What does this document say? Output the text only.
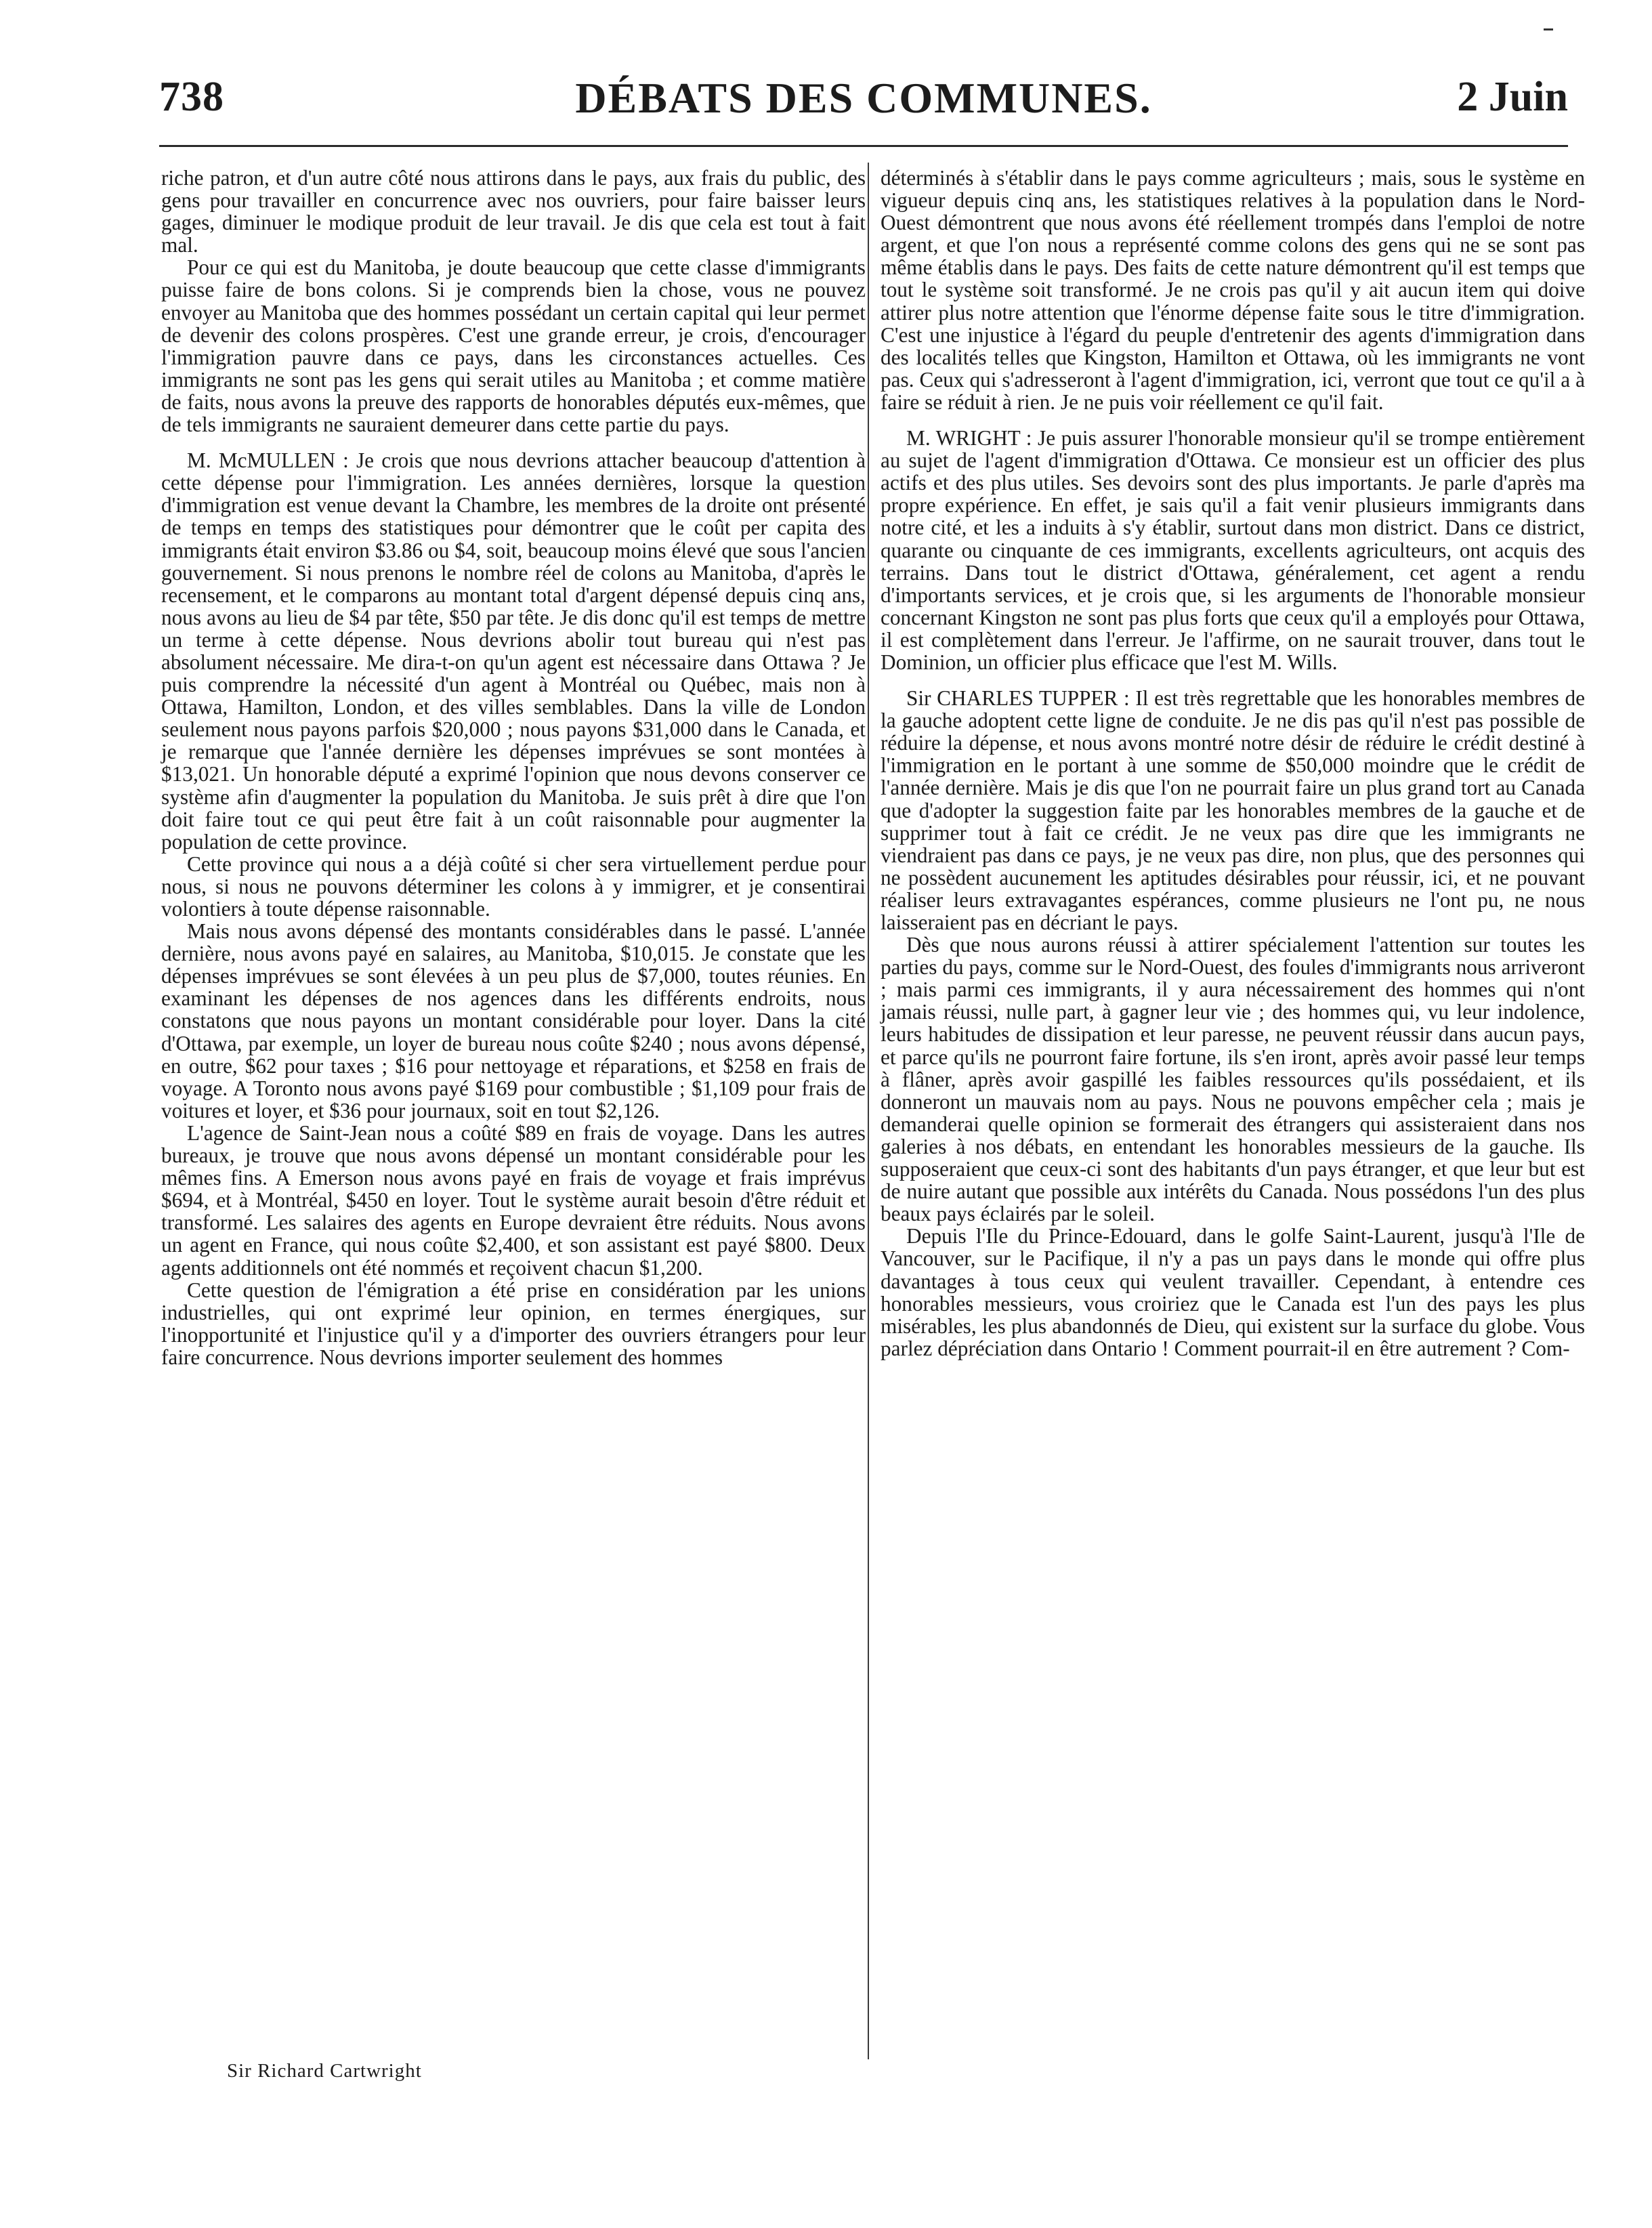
738	DÉBATS DES COMMUNES.	2 Juin

riche patron, et d'un autre côté nous attirons dans le pays, aux frais du public, des gens pour travailler en concurrence avec nos ouvriers, pour faire baisser leurs gages, diminuer le modique produit de leur travail. Je dis que cela est tout à fait mal.

Pour ce qui est du Manitoba, je doute beaucoup que cette classe d'immigrants puisse faire de bons colons. Si je comprends bien la chose, vous ne pouvez envoyer au Manitoba que des hommes possédant un certain capital qui leur permet de devenir des colons prospères. C'est une grande erreur, je crois, d'encourager l'immigration pauvre dans ce pays, dans les circonstances actuelles. Ces immigrants ne sont pas les gens qui serait utiles au Manitoba ; et comme matière de faits, nous avons la preuve des rapports de honorables députés eux-mêmes, que de tels immigrants ne sauraient demeurer dans cette partie du pays.

M. McMULLEN : Je crois que nous devrions attacher beaucoup d'attention à cette dépense pour l'immigration. Les années dernières, lorsque la question d'immigration est venue devant la Chambre, les membres de la droite ont présenté de temps en temps des statistiques pour démontrer que le coût per capita des immigrants était environ $3.86 ou $4, soit, beaucoup moins élevé que sous l'ancien gouvernement. Si nous prenons le nombre réel de colons au Manitoba, d'après le recensement, et le comparons au montant total d'argent dépensé depuis cinq ans, nous avons au lieu de $4 par tête, $50 par tête. Je dis donc qu'il est temps de mettre un terme à cette dépense. Nous devrions abolir tout bureau qui n'est pas absolument nécessaire. Me dira-t-on qu'un agent est nécessaire dans Ottawa ? Je puis comprendre la nécessité d'un agent à Montréal ou Québec, mais non à Ottawa, Hamilton, London, et des villes semblables. Dans la ville de London seulement nous payons parfois $20,000 ; nous payons $31,000 dans le Canada, et je remarque que l'année dernière les dépenses imprévues se sont montées à $13,021. Un honorable député a exprimé l'opinion que nous devons conserver ce système afin d'augmenter la population du Manitoba. Je suis prêt à dire que l'on doit faire tout ce qui peut être fait à un coût raisonnable pour augmenter la population de cette province.

Cette province qui nous a a déjà coûté si cher sera virtuellement perdue pour nous, si nous ne pouvons déterminer les colons à y immigrer, et je consentirai volontiers à toute dépense raisonnable.

Mais nous avons dépensé des montants considérables dans le passé. L'année dernière, nous avons payé en salaires, au Manitoba, $10,015. Je constate que les dépenses imprévues se sont élevées à un peu plus de $7,000, toutes réunies. En examinant les dépenses de nos agences dans les différents endroits, nous constatons que nous payons un montant considérable pour loyer. Dans la cité d'Ottawa, par exemple, un loyer de bureau nous coûte $240 ; nous avons dépensé, en outre, $62 pour taxes ; $16 pour nettoyage et réparations, et $258 en frais de voyage. A Toronto nous avons payé $169 pour combustible ; $1,109 pour frais de voitures et loyer, et $36 pour journaux, soit en tout $2,126.

L'agence de Saint-Jean nous a coûté $89 en frais de voyage. Dans les autres bureaux, je trouve que nous avons dépensé un montant considérable pour les mêmes fins. A Emerson nous avons payé en frais de voyage et frais imprévus $694, et à Montréal, $450 en loyer. Tout le système aurait besoin d'être réduit et transformé. Les salaires des agents en Europe devraient être réduits. Nous avons un agent en France, qui nous coûte $2,400, et son assistant est payé $800. Deux agents additionnels ont été nommés et reçoivent chacun $1,200.

Cette question de l'émigration a été prise en considération par les unions industrielles, qui ont exprimé leur opinion, en termes énergiques, sur l'inopportunité et l'injustice qu'il y a d'importer des ouvriers étrangers pour leur faire concurrence. Nous devrions importer seulement des hommes

déterminés à s'établir dans le pays comme agriculteurs ; mais, sous le système en vigueur depuis cinq ans, les statistiques relatives à la population dans le Nord-Ouest démontrent que nous avons été réellement trompés dans l'emploi de notre argent, et que l'on nous a représenté comme colons des gens qui ne se sont pas même établis dans le pays. Des faits de cette nature démontrent qu'il est temps que tout le système soit transformé. Je ne crois pas qu'il y ait aucun item qui doive attirer plus notre attention que l'énorme dépense faite sous le titre d'immigration. C'est une injustice à l'égard du peuple d'entretenir des agents d'immigration dans des localités telles que Kingston, Hamilton et Ottawa, où les immigrants ne vont pas. Ceux qui s'adresseront à l'agent d'immigration, ici, verront que tout ce qu'il a à faire se réduit à rien. Je ne puis voir réellement ce qu'il fait.

M. WRIGHT : Je puis assurer l'honorable monsieur qu'il se trompe entièrement au sujet de l'agent d'immigration d'Ottawa. Ce monsieur est un officier des plus actifs et des plus utiles. Ses devoirs sont des plus importants. Je parle d'après ma propre expérience. En effet, je sais qu'il a fait venir plusieurs immigrants dans notre cité, et les a induits à s'y établir, surtout dans mon district. Dans ce district, quarante ou cinquante de ces immigrants, excellents agriculteurs, ont acquis des terrains. Dans tout le district d'Ottawa, généralement, cet agent a rendu d'importants services, et je crois que, si les arguments de l'honorable monsieur concernant Kingston ne sont pas plus forts que ceux qu'il a employés pour Ottawa, il est complètement dans l'erreur. Je l'affirme, on ne saurait trouver, dans tout le Dominion, un officier plus efficace que l'est M. Wills.

Sir CHARLES TUPPER : Il est très regrettable que les honorables membres de la gauche adoptent cette ligne de conduite. Je ne dis pas qu'il n'est pas possible de réduire la dépense, et nous avons montré notre désir de réduire le crédit destiné à l'immigration en le portant à une somme de $50,000 moindre que le crédit de l'année dernière. Mais je dis que l'on ne pourrait faire un plus grand tort au Canada que d'adopter la suggestion faite par les honorables membres de la gauche et de supprimer tout à fait ce crédit. Je ne veux pas dire que les immigrants ne viendraient pas dans ce pays, je ne veux pas dire, non plus, que des personnes qui ne possèdent aucunement les aptitudes désirables pour réussir, ici, et ne pouvant réaliser leurs extravagantes espérances, comme plusieurs ne l'ont pu, ne nous laisseraient pas en décriant le pays.

Dès que nous aurons réussi à attirer spécialement l'attention sur toutes les parties du pays, comme sur le Nord-Ouest, des foules d'immigrants nous arriveront ; mais parmi ces immigrants, il y aura nécessairement des hommes qui n'ont jamais réussi, nulle part, à gagner leur vie ; des hommes qui, vu leur indolence, leurs habitudes de dissipation et leur paresse, ne peuvent réussir dans aucun pays, et parce qu'ils ne pourront faire fortune, ils s'en iront, après avoir passé leur temps à flâner, après avoir gaspillé les faibles ressources qu'ils possédaient, et ils donneront un mauvais nom au pays. Nous ne pouvons empêcher cela ; mais je demanderai quelle opinion se formerait des étrangers qui assisteraient dans nos galeries à nos débats, en entendant les honorables messieurs de la gauche. Ils supposeraient que ceux-ci sont des habitants d'un pays étranger, et que leur but est de nuire autant que possible aux intérêts du Canada. Nous possédons l'un des plus beaux pays éclairés par le soleil.

Depuis l'Ile du Prince-Edouard, dans le golfe Saint-Laurent, jusqu'à l'Ile de Vancouver, sur le Pacifique, il n'y a pas un pays dans le monde qui offre plus davantages à tous ceux qui veulent travailler. Cependant, à entendre ces honorables messieurs, vous croiriez que le Canada est l'un des pays les plus misérables, les plus abandonnés de Dieu, qui existent sur la surface du globe. Vous parlez dépréciation dans Ontario ! Comment pourrait-il en être autrement ? Com-

Sir Richard Cartwright
